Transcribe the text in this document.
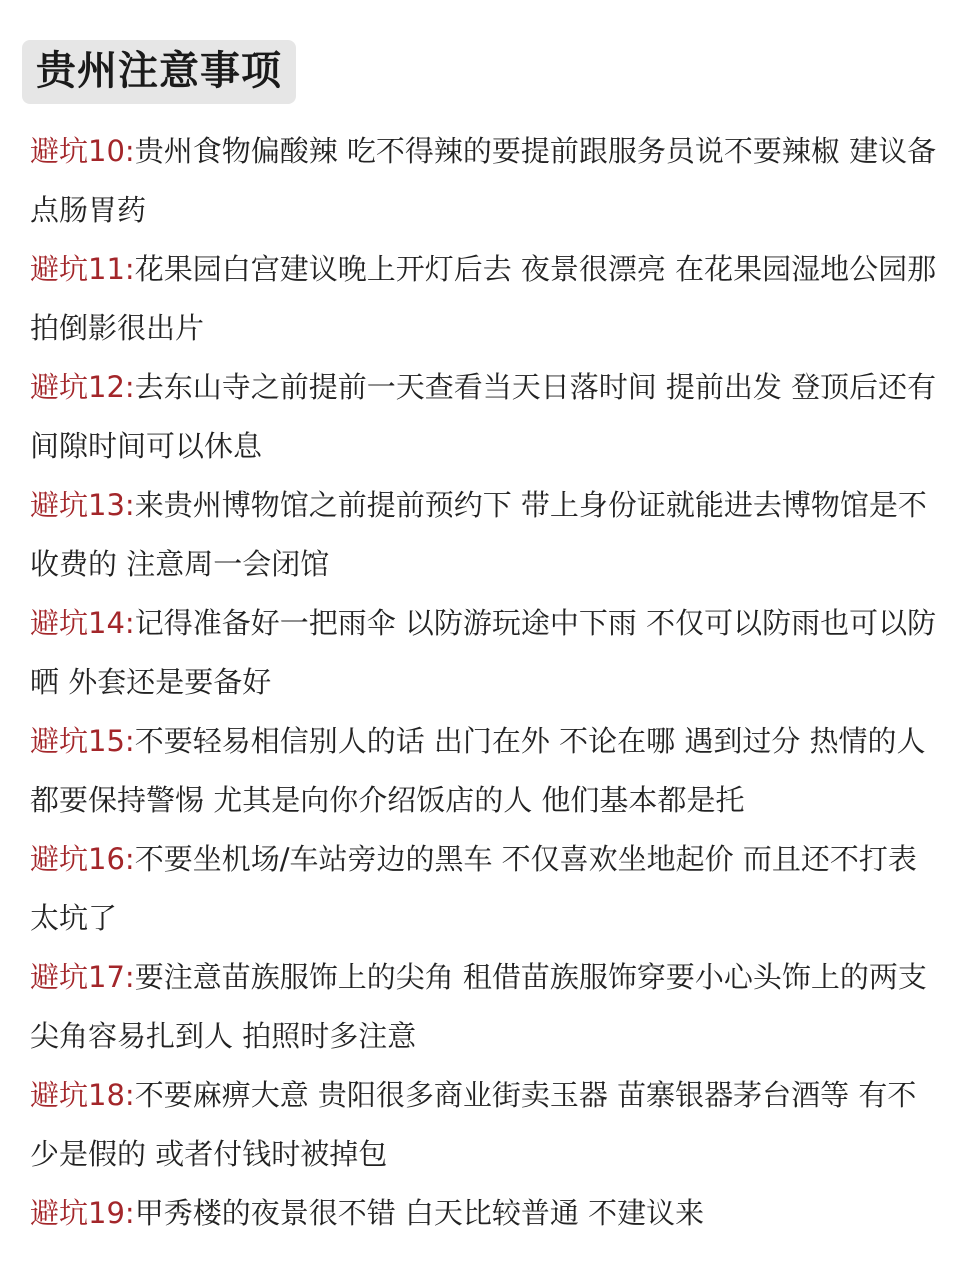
贵州注意事项

避坑10:贵州食物偏酸辣 吃不得辣的要提前跟服务员说不要辣椒 建议备点肠胃药

避坑11:花果园白宫建议晚上开灯后去 夜景很漂亮 在花果园湿地公园那拍倒影很出片

避坑12:去东山寺之前提前一天查看当天日落时间 提前出发 登顶后还有间隙时间可以休息

避坑13:来贵州博物馆之前提前预约下 带上身份证就能进去博物馆是不收费的 注意周一会闭馆

避坑14:记得准备好一把雨伞 以防游玩途中下雨 不仅可以防雨也可以防晒 外套还是要备好

避坑15:不要轻易相信别人的话 出门在外 不论在哪 遇到过分 热情的人都要保持警惕 尤其是向你介绍饭店的人 他们基本都是托

避坑16:不要坐机场/车站旁边的黑车 不仅喜欢坐地起价 而且还不打表 太坑了

避坑17:要注意苗族服饰上的尖角 租借苗族服饰穿要小心头饰上的两支尖角容易扎到人 拍照时多注意

避坑18:不要麻痹大意 贵阳很多商业街卖玉器 苗寨银器茅台酒等 有不少是假的 或者付钱时被掉包

避坑19:甲秀楼的夜景很不错 白天比较普通 不建议来
